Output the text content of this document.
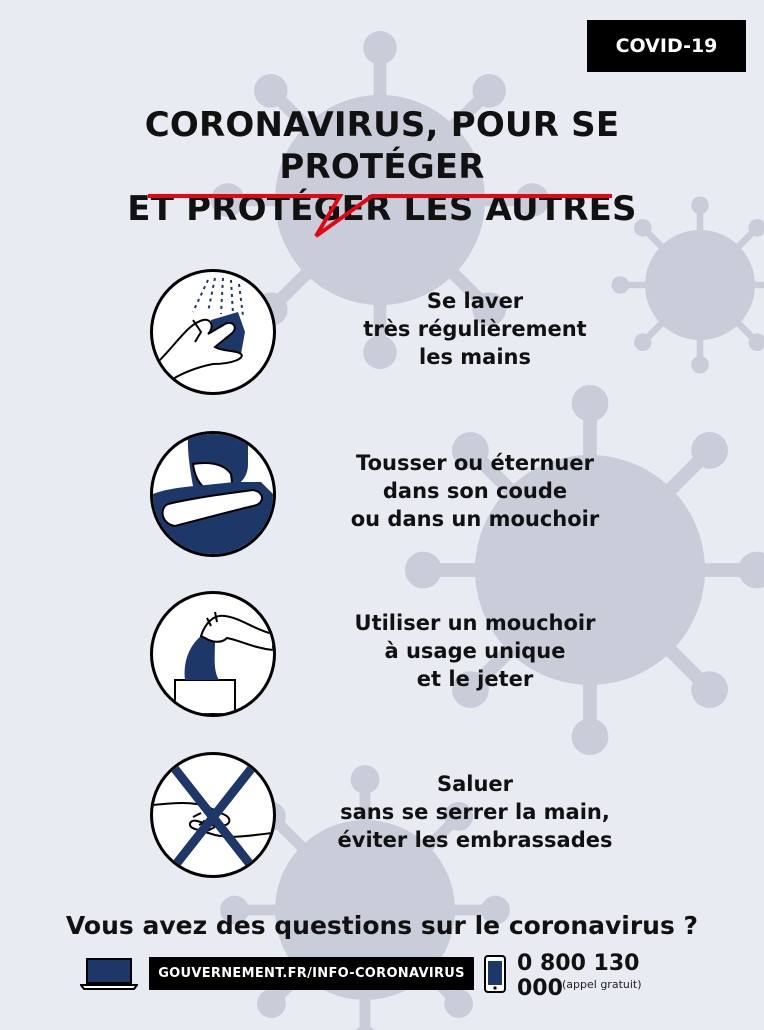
COVID-19
CORONAVIRUS, POUR SE PROTÉGER
ET PROTÉGER LES AUTRES
Se laver
très régulièrement
les mains
Tousser ou éternuer
dans son coude
ou dans un mouchoir
Utiliser un mouchoir
à usage unique
et le jeter
Saluer
sans se serrer la main,
éviter les embrassades
Vous avez des questions sur le coronavirus ?
GOUVERNEMENT.FR/INFO-CORONAVIRUS	0 800 130 000 (appel gratuit)
